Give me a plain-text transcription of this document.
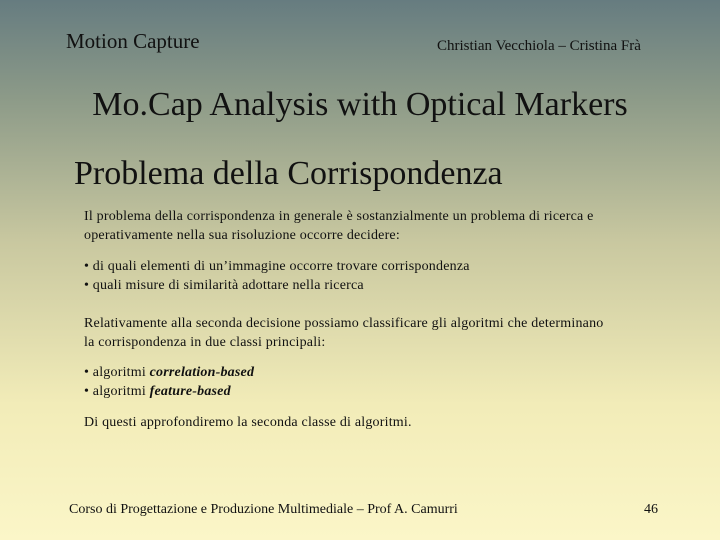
Motion Capture	Christian Vecchiola – Cristina Frà
Mo.Cap Analysis with Optical Markers
Problema della Corrispondenza

Il problema della corrispondenza in generale è sostanzialmente un problema di ricerca e

operativamente nella sua risoluzione occorre decidere:

• di quali elementi di un’immagine occorre trovare corrispondenza

• quali misure di similarità adottare nella ricerca

Relativamente alla seconda decisione possiamo classificare gli algoritmi che determinano

la corrispondenza in due classi principali:

• algoritmi correlation-based

• algoritmi feature-based

Di questi approfondiremo la seconda classe di algoritmi.

Corso di Progettazione e Produzione Multimediale – Prof A. Camurri	46
